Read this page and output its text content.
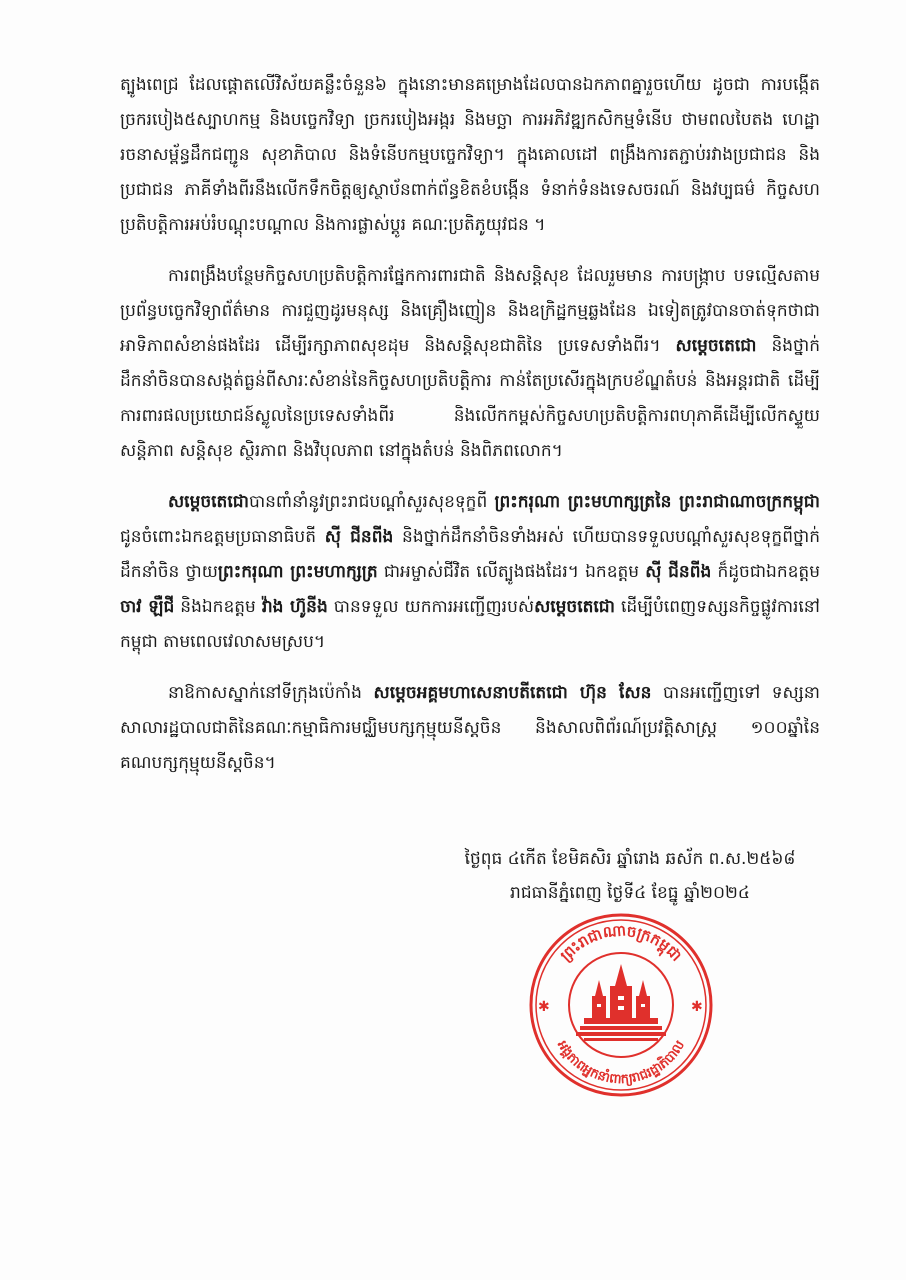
ត្បូងពេជ្រ ដែលផ្តោតលើវិស័យគន្លឹះចំនួន៦ ក្នុងនោះមានគម្រោងដែលបានឯកភាពគ្នារួចហើយ ដូចជា ការបង្កើតច្រករបៀង៥ស្បាហកម្ម និងបច្ចេកវិទ្យា ច្រករបៀងអង្ករ និងមច្ឆា ការអភិវឌ្ឍកសិកម្មទំនើប ថាមពលបៃតង ហេដ្ឋារចនាសម្ព័ន្ធដឹកជញ្ជូន សុខាភិបាល និងទំនើបកម្មបច្ចេកវិទ្យា។ ក្នុងគោលដៅ ពង្រឹងការតភ្ជាប់រវាងប្រជាជន និងប្រជាជន ភាគីទាំងពីរនឹងលើកទឹកចិត្តឲ្យស្ថាប័នពាក់ព័ន្ធខិតខំបង្កើន ទំនាក់ទំនងទេសចរណ៍ និងវប្បធម៌ កិច្ចសហប្រតិបត្តិការអប់រំបណ្តុះបណ្តាល និងការផ្លាស់ប្តូរ គណៈប្រតិភូយុវជន ។

ការពង្រឹងបន្ថែមកិច្ចសហប្រតិបត្តិការផ្នែកការពារជាតិ និងសន្តិសុខ ដែលរួមមាន ការបង្ក្រាប បទល្មើសតាមប្រព័ន្ធបច្ចេកវិទ្យាព័ត៌មាន ការជួញដូរមនុស្ស និងគ្រឿងញៀន និងឧក្រិដ្ឋកម្មឆ្លងដែន ឯទៀតត្រូវបានចាត់ទុកថាជាអាទិភាពសំខាន់ផងដែរ ដើម្បីរក្សាភាពសុខដុម និងសន្តិសុខជាតិនៃ ប្រទេសទាំងពីរ។ សម្តេចតេជោ និងថ្នាក់ដឹកនាំចិនបានសង្កត់ធ្ងន់ពីសារៈសំខាន់នៃកិច្ចសហប្រតិបត្តិការ កាន់តែប្រសើរក្នុងក្របខ័ណ្ឌតំបន់ និងអន្តរជាតិ ដើម្បីការពារផលប្រយោជន៍ស្លូលនៃប្រទេសទាំងពីរ និងលើកកម្ពស់កិច្ចសហប្រតិបត្តិការពហុភាគីដើម្បីលើកស្ទួយសន្តិភាព សន្តិសុខ ស្ថិរភាព និងវិបុលភាព នៅក្នុងតំបន់ និងពិភពលោក។

សម្តេចតេជោបានពាំនាំនូវព្រះរាជបណ្តាំសួរសុខទុក្ខពី ព្រះករុណា ព្រះមហាក្សត្រនៃ ព្រះរាជាណាចក្រកម្ពុជា ជូនចំពោះឯកឧត្តមប្រធានាធិបតី ស៊ី ជីនពីង និងថ្នាក់ដឹកនាំចិនទាំងអស់ ហើយបានទទួលបណ្តាំសួរសុខទុក្ខពីថ្នាក់ដឹកនាំចិន ថ្វាយព្រះករុណា ព្រះមហាក្សត្រ ជាអម្ចាស់ជីវិត លើត្បូងផងដែរ។ ឯកឧត្តម ស៊ី ជីនពីង ក៏ដូចជាឯកឧត្តម ចាវ ឡឺជី និងឯកឧត្តម វ៉ាង ហ៊ូនីង បានទទួល យកការអញ្ជើញរបស់សម្តេចតេជោ ដើម្បីបំពេញទស្សនកិច្ចផ្លូវការនៅកម្ពុជា តាមពេលវេលាសមស្រប។

នាឱកាសស្នាក់នៅទីក្រុងប៉េកាំង សម្តេចអគ្គមហាសេនាបតីតេជោ ហ៊ុន សែន បានអញ្ជើញទៅ ទស្សនាសាលារដ្ឋបាលជាតិនៃគណៈកម្មាធិការមជ្ឈិមបក្សកុម្មុយនីស្តចិន និងសាលពិព័រណ៍ប្រវត្តិសាស្ត្រ ១០០ឆ្នាំនៃគណបក្សកុម្មុយនីស្តចិន។

ថ្ងៃពុធ ៤កើត ខែមិគសិរ ឆ្នាំរោង ឆស័ក ព.ស.២៥៦៨
រាជធានីភ្នំពេញ ថ្ងៃទី៤ ខែធ្នូ ឆ្នាំ២០២៤
ព្រះរាជាណាចក្រកម្ពុជា
អង្គភាពអ្នកនាំពាក្យរាជរដ្ឋាភិបាល
✱	✱
